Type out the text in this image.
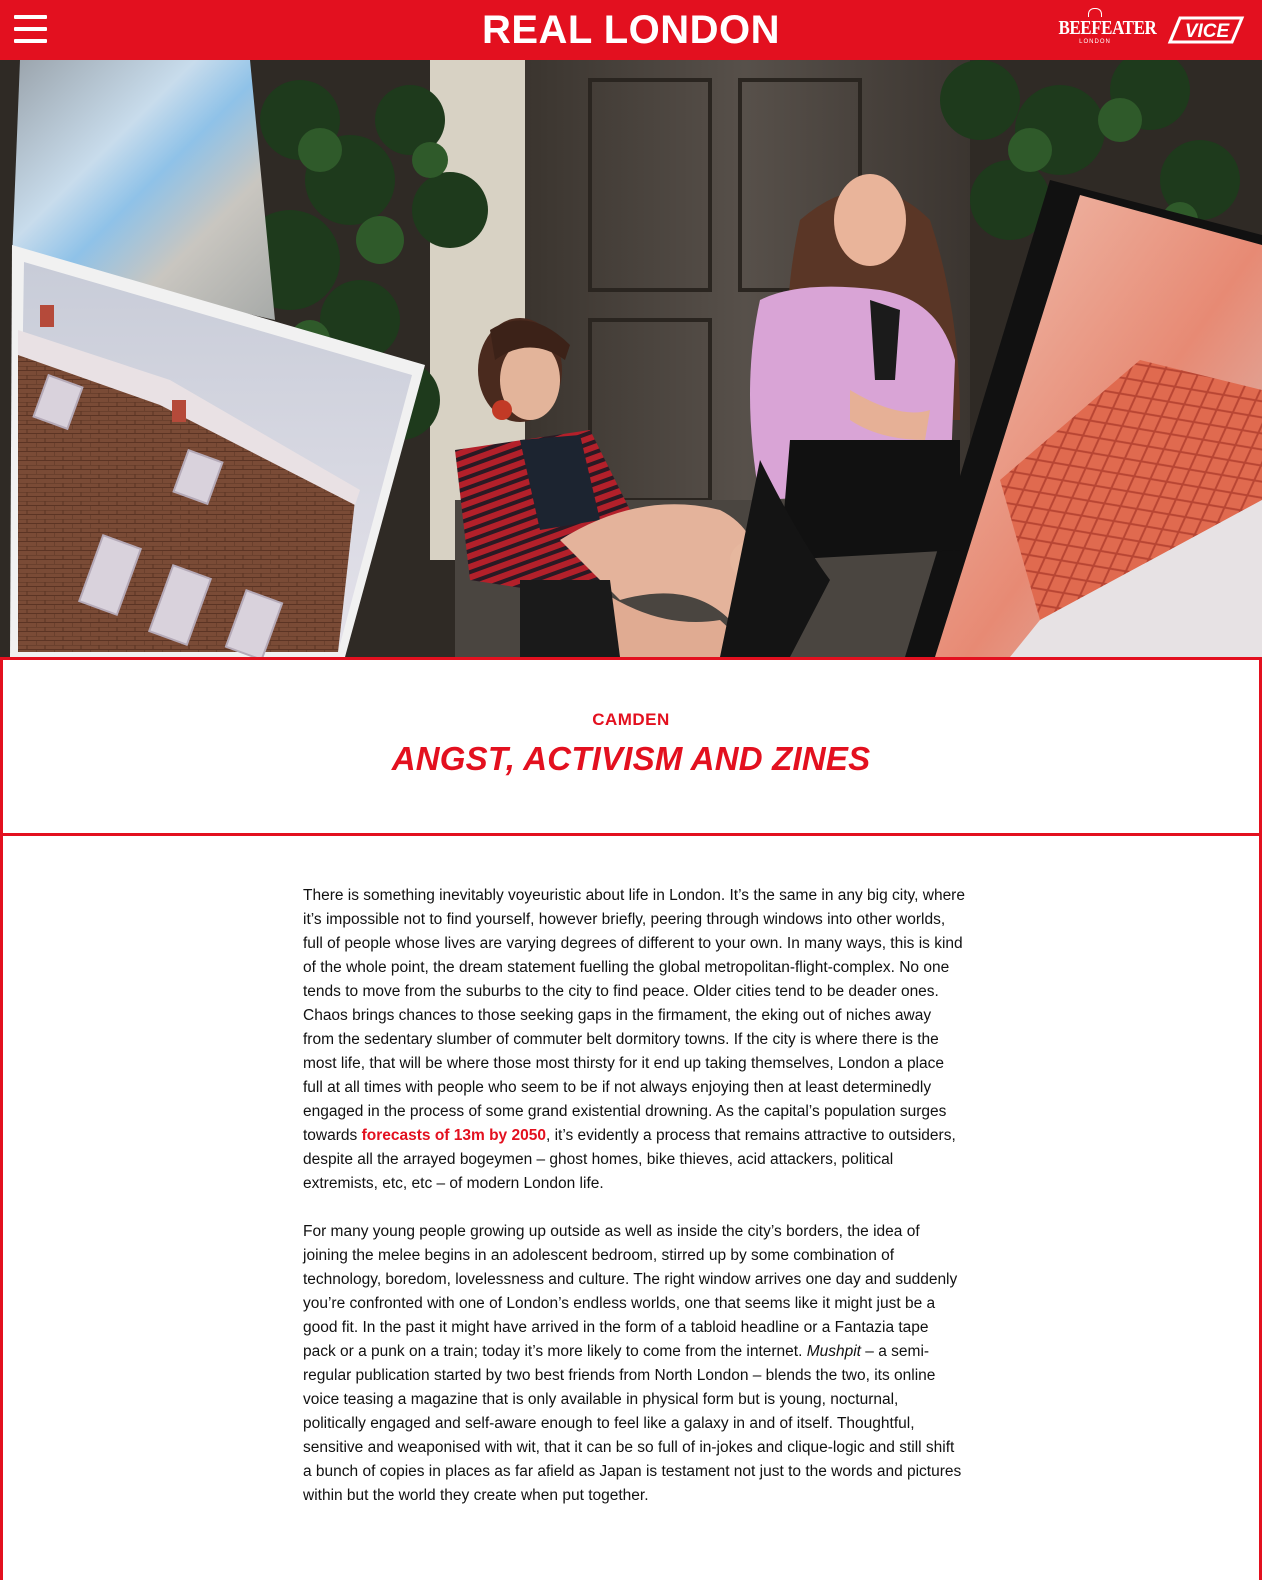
REAL LONDON	BEEFEATER
LONDON	VICE
CAMDEN
ANGST, ACTIVISM AND ZINES

There is something inevitably voyeuristic about life in London. It’s the same in any big city, where it’s impossible not to find yourself, however briefly, peering through windows into other worlds, full of people whose lives are varying degrees of different to your own. In many ways, this is kind of the whole point, the dream statement fuelling the global metropolitan-flight-complex. No one tends to move from the suburbs to the city to find peace. Older cities tend to be deader ones. Chaos brings chances to those seeking gaps in the firmament, the eking out of niches away from the sedentary slumber of commuter belt dormitory towns. If the city is where there is the most life, that will be where those most thirsty for it end up taking themselves, London a place full at all times with people who seem to be if not always enjoying then at least determinedly engaged in the process of some grand existential drowning. As the capital’s population surges towards forecasts of 13m by 2050, it’s evidently a process that remains attractive to outsiders, despite all the arrayed bogeymen – ghost homes, bike thieves, acid attackers, political extremists, etc, etc – of modern London life.

For many young people growing up outside as well as inside the city’s borders, the idea of joining the melee begins in an adolescent bedroom, stirred up by some combination of technology, boredom, lovelessness and culture. The right window arrives one day and suddenly you’re confronted with one of London’s endless worlds, one that seems like it might just be a good fit. In the past it might have arrived in the form of a tabloid headline or a Fantazia tape pack or a punk on a train; today it’s more likely to come from the internet. Mushpit – a semi-regular publication started by two best friends from North London – blends the two, its online voice teasing a magazine that is only available in physical form but is young, nocturnal, politically engaged and self-aware enough to feel like a galaxy in and of itself. Thoughtful, sensitive and weaponised with wit, that it can be so full of in-jokes and clique-logic and still shift a bunch of copies in places as far afield as Japan is testament not just to the words and pictures within but the world they create when put together.
